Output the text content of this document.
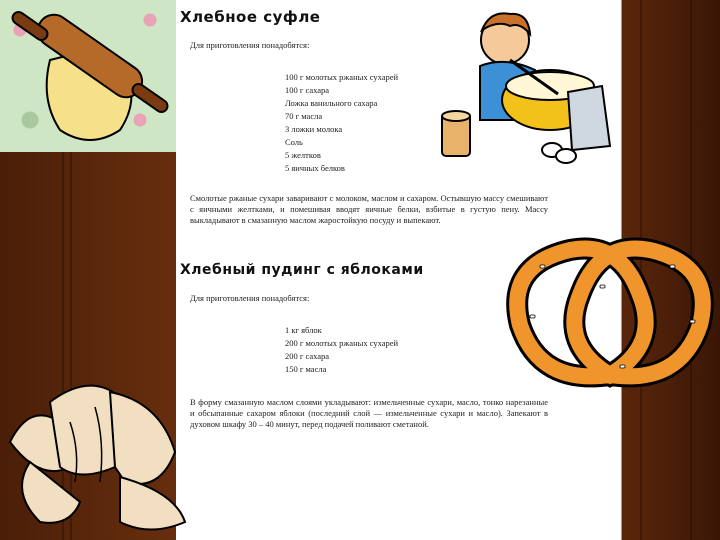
Хлебное суфле

Для приготовления понадобятся:

100 г молотых ржаных сухарей
100 г сахара
Ложка ванильного сахара
70 г масла
3 ложки молока
Соль
5 желтков
5 яичных белков

Смолотые ржаные сухари заваривают с молоком, маслом и сахаром. Остывшую массу смешивают с яичными желтками, и помешивая вводят яичные белки, взбитые в густую пену. Массу выкладывают в смазанную маслом жаростойкую посуду и выпекают.

Хлебный пудинг с яблоками

Для приготовления понадобятся:

1 кг яблок
200 г молотых ржаных сухарей
200 г сахара
150 г масла

В форму смазанную маслом слоями укладывают: измельченные сухари, масло, тонко нарезанные и обсыпанные сахаром яблоки (последний слой — измельченные сухари и масло). Запекают в духовом шкафу 30 – 40 минут, перед подачей поливают сметаной.
